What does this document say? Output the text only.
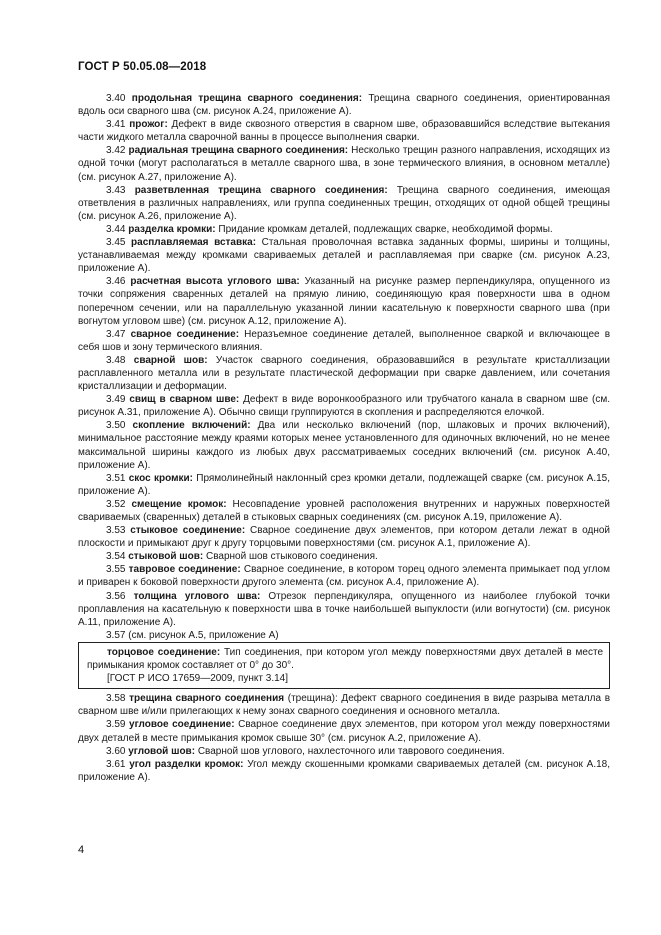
ГОСТ Р 50.05.08—2018

3.40 продольная трещина сварного соединения: Трещина сварного соединения, ориентированная вдоль оси сварного шва (см. рисунок А.24, приложение А).

3.41 прожог: Дефект в виде сквозного отверстия в сварном шве, образовавшийся вследствие вытекания части жидкого металла сварочной ванны в процессе выполнения сварки.

3.42 радиальная трещина сварного соединения: Несколько трещин разного направления, исходящих из одной точки (могут располагаться в металле сварного шва, в зоне термического влияния, в основном металле) (см. рисунок А.27, приложение А).

3.43 разветвленная трещина сварного соединения: Трещина сварного соединения, имеющая ответвления в различных направлениях, или группа соединенных трещин, отходящих от одной общей трещины (см. рисунок А.26, приложение А).

3.44 разделка кромки: Придание кромкам деталей, подлежащих сварке, необходимой формы.

3.45 расплавляемая вставка: Стальная проволочная вставка заданных формы, ширины и толщины, устанавливаемая между кромками свариваемых деталей и расплавляемая при сварке (см. рисунок А.23, приложение А).

3.46 расчетная высота углового шва: Указанный на рисунке размер перпендикуляра, опущенного из точки сопряжения сваренных деталей на прямую линию, соединяющую края поверхности шва в одном поперечном сечении, или на параллельную указанной линии касательную к поверхности сварного шва (при вогнутом угловом шве) (см. рисунок А.12, приложение А).

3.47 сварное соединение: Неразъемное соединение деталей, выполненное сваркой и включающее в себя шов и зону термического влияния.

3.48 сварной шов: Участок сварного соединения, образовавшийся в результате кристаллизации расплавленного металла или в результате пластической деформации при сварке давлением, или сочетания кристаллизации и деформации.

3.49 свищ в сварном шве: Дефект в виде воронкообразного или трубчатого канала в сварном шве (см. рисунок А.31, приложение А). Обычно свищи группируются в скопления и распределяются елочкой.

3.50 скопление включений: Два или несколько включений (пор, шлаковых и прочих включений), минимальное расстояние между краями которых менее установленного для одиночных включений, но не менее максимальной ширины каждого из любых двух рассматриваемых соседних включений (см. рисунок А.40, приложение А).

3.51 скос кромки: Прямолинейный наклонный срез кромки детали, подлежащей сварке (см. рисунок А.15, приложение А).

3.52 смещение кромок: Несовпадение уровней расположения внутренних и наружных поверхностей свариваемых (сваренных) деталей в стыковых сварных соединениях (см. рисунок А.19, приложение А).

3.53 стыковое соединение: Сварное соединение двух элементов, при котором детали лежат в одной плоскости и примыкают друг к другу торцовыми поверхностями (см. рисунок А.1, приложение А).

3.54 стыковой шов: Сварной шов стыкового соединения.

3.55 тавровое соединение: Сварное соединение, в котором торец одного элемента примыкает под углом и приварен к боковой поверхности другого элемента (см. рисунок А.4, приложение А).

3.56 толщина углового шва: Отрезок перпендикуляра, опущенного из наиболее глубокой точки проплавления на касательную к поверхности шва в точке наибольшей выпуклости (или вогнутости) (см. рисунок А.11, приложение А).

3.57 (см. рисунок А.5, приложение А)

торцовое соединение: Тип соединения, при котором угол между поверхностями двух деталей в месте примыкания кромок составляет от 0° до 30°.

[ГОСТ Р ИСО 17659—2009, пункт 3.14]

3.58 трещина сварного соединения (трещина): Дефект сварного соединения в виде разрыва металла в сварном шве и/или прилегающих к нему зонах сварного соединения и основного металла.

3.59 угловое соединение: Сварное соединение двух элементов, при котором угол между поверхностями двух деталей в месте примыкания кромок свыше 30° (см. рисунок А.2, приложение А).

3.60 угловой шов: Сварной шов углового, нахлесточного или таврового соединения.

3.61 угол разделки кромок: Угол между скошенными кромками свариваемых деталей (см. рисунок А.18, приложение А).

4
